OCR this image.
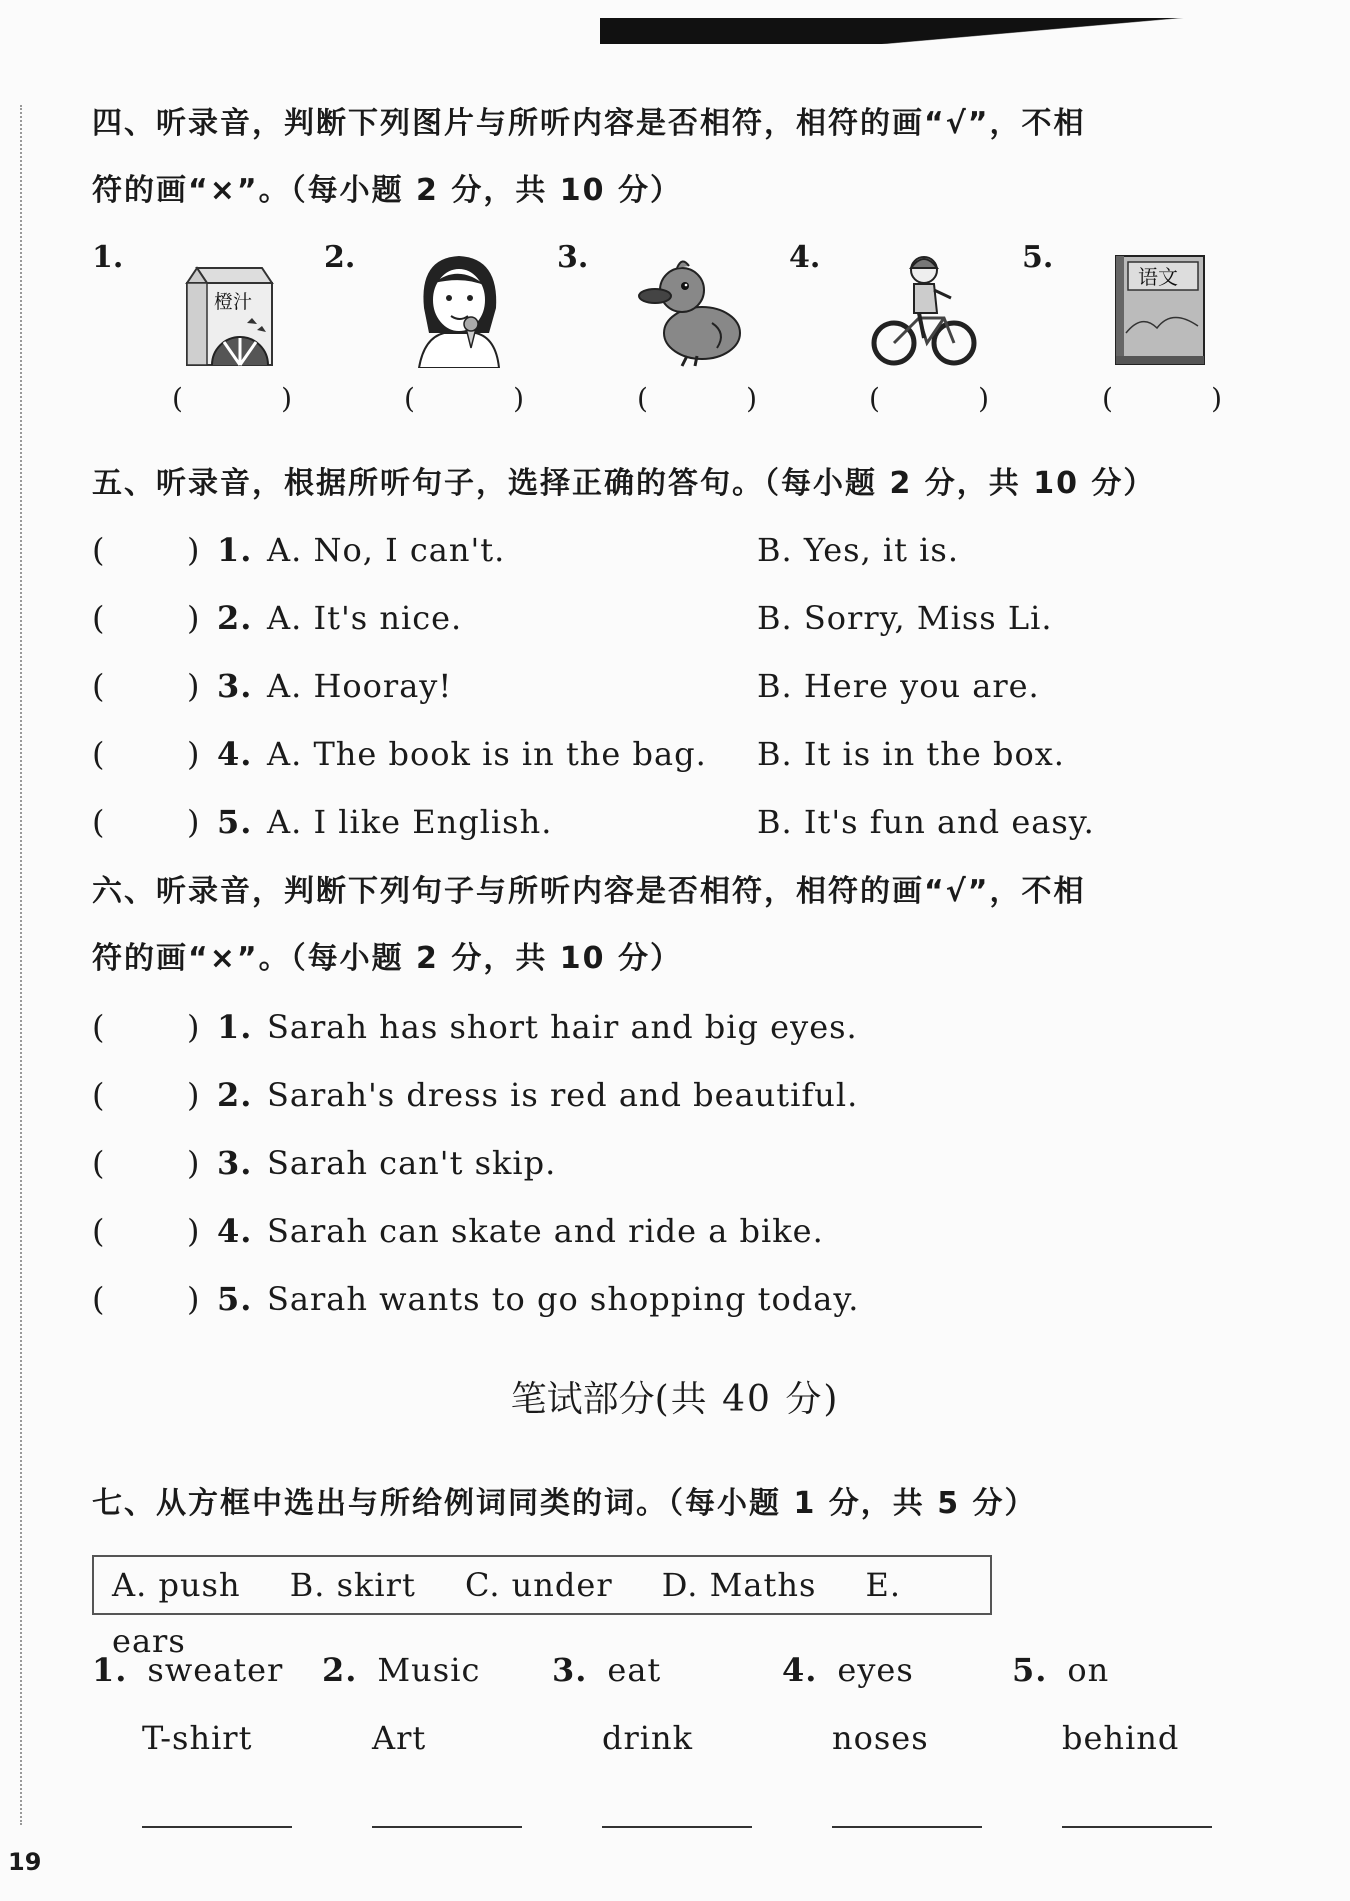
四、听录音，判断下列图片与所听内容是否相符，相符的画“√”，不相
符的画“×”。（每小题 2 分，共 10 分）
1.
橙汁
(	)
2.
(	)
3.
(	)
4.
(	)
5.
语文
(	)
五、听录音，根据所听句子，选择正确的答句。（每小题 2 分，共 10 分）
(	) 1. A. No, I can't.	B. Yes, it is.
(	) 2. A. It's nice.	B. Sorry, Miss Li.
(	) 3. A. Hooray!	B. Here you are.
(	) 4. A. The book is in the bag. B. It is in the box.
(	) 5. A. I like English.	B. It's fun and easy.
六、听录音，判断下列句子与所听内容是否相符，相符的画“√”，不相
符的画“×”。（每小题 2 分，共 10 分）
(	) 1. Sarah has short hair and big eyes.
(	) 2. Sarah's dress is red and beautiful.
(	) 3. Sarah can't skip.
(	) 4. Sarah can skate and ride a bike.
(	) 5. Sarah wants to go shopping today.
笔试部分(共 40 分)
七、从方框中选出与所给例词同类的词。（每小题 1 分，共 5 分）
A. push B. skirt C. under D. Maths E. ears
1. sweater
T-shirt
2. Music
Art
3. eat
drink
4. eyes
noses
5. on
behind
19
